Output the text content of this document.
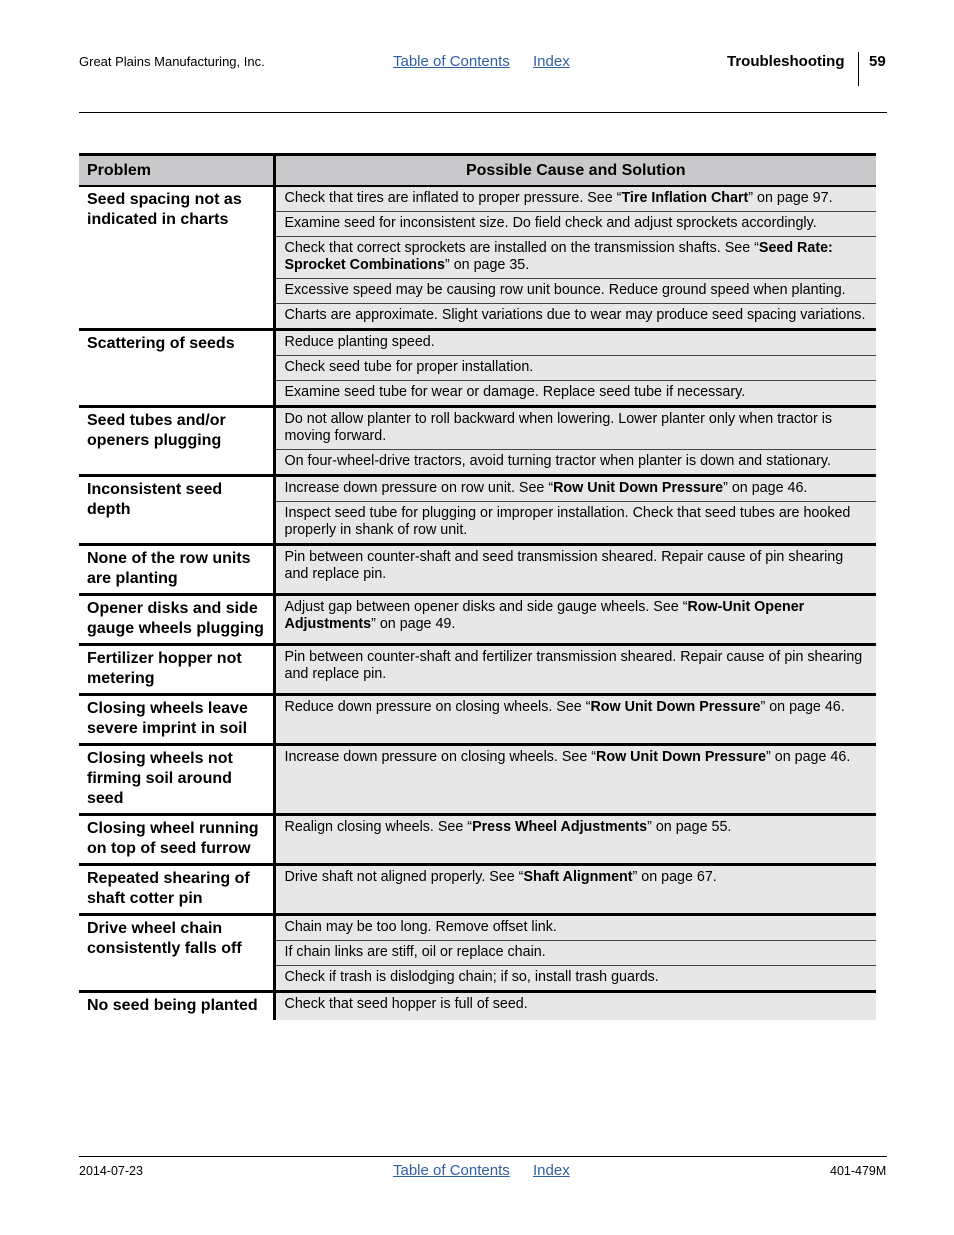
Great Plains Manufacturing, Inc.	Table of Contents Index	Troubleshooting 59
Problem	Possible Cause and Solution
Seed spacing not as indicated in charts	Check that tires are inflated to proper pressure. See “Tire Inflation Chart” on page 97.
	Examine seed for inconsistent size. Do field check and adjust sprockets accordingly.
	Check that correct sprockets are installed on the transmission shafts. See “Seed Rate: Sprocket Combinations” on page 35.
	Excessive speed may be causing row unit bounce. Reduce ground speed when planting.
	Charts are approximate. Slight variations due to wear may produce seed spacing variations.
Scattering of seeds	Reduce planting speed.
	Check seed tube for proper installation.
	Examine seed tube for wear or damage. Replace seed tube if necessary.
Seed tubes and/or openers plugging	Do not allow planter to roll backward when lowering. Lower planter only when tractor is moving forward.
	On four-wheel-drive tractors, avoid turning tractor when planter is down and stationary.
Inconsistent seed depth	Increase down pressure on row unit. See “Row Unit Down Pressure” on page 46.
	Inspect seed tube for plugging or improper installation. Check that seed tubes are hooked properly in shank of row unit.
None of the row units are planting	Pin between counter-shaft and seed transmission sheared. Repair cause of pin shearing and replace pin.
Opener disks and side gauge wheels plugging	Adjust gap between opener disks and side gauge wheels. See “Row-Unit Opener Adjustments” on page 49.
Fertilizer hopper not metering	Pin between counter-shaft and fertilizer transmission sheared. Repair cause of pin shearing and replace pin.
Closing wheels leave severe imprint in soil	Reduce down pressure on closing wheels. See “Row Unit Down Pressure” on page 46.
Closing wheels not firming soil around seed	Increase down pressure on closing wheels. See “Row Unit Down Pressure” on page 46.
Closing wheel running on top of seed furrow	Realign closing wheels. See “Press Wheel Adjustments” on page 55.
Repeated shearing of shaft cotter pin	Drive shaft not aligned properly. See “Shaft Alignment” on page 67.
Drive wheel chain consistently falls off	Chain may be too long. Remove offset link.
	If chain links are stiff, oil or replace chain.
	Check if trash is dislodging chain; if so, install trash guards.
No seed being planted	Check that seed hopper is full of seed.
2014-07-23	Table of Contents Index	401-479M
